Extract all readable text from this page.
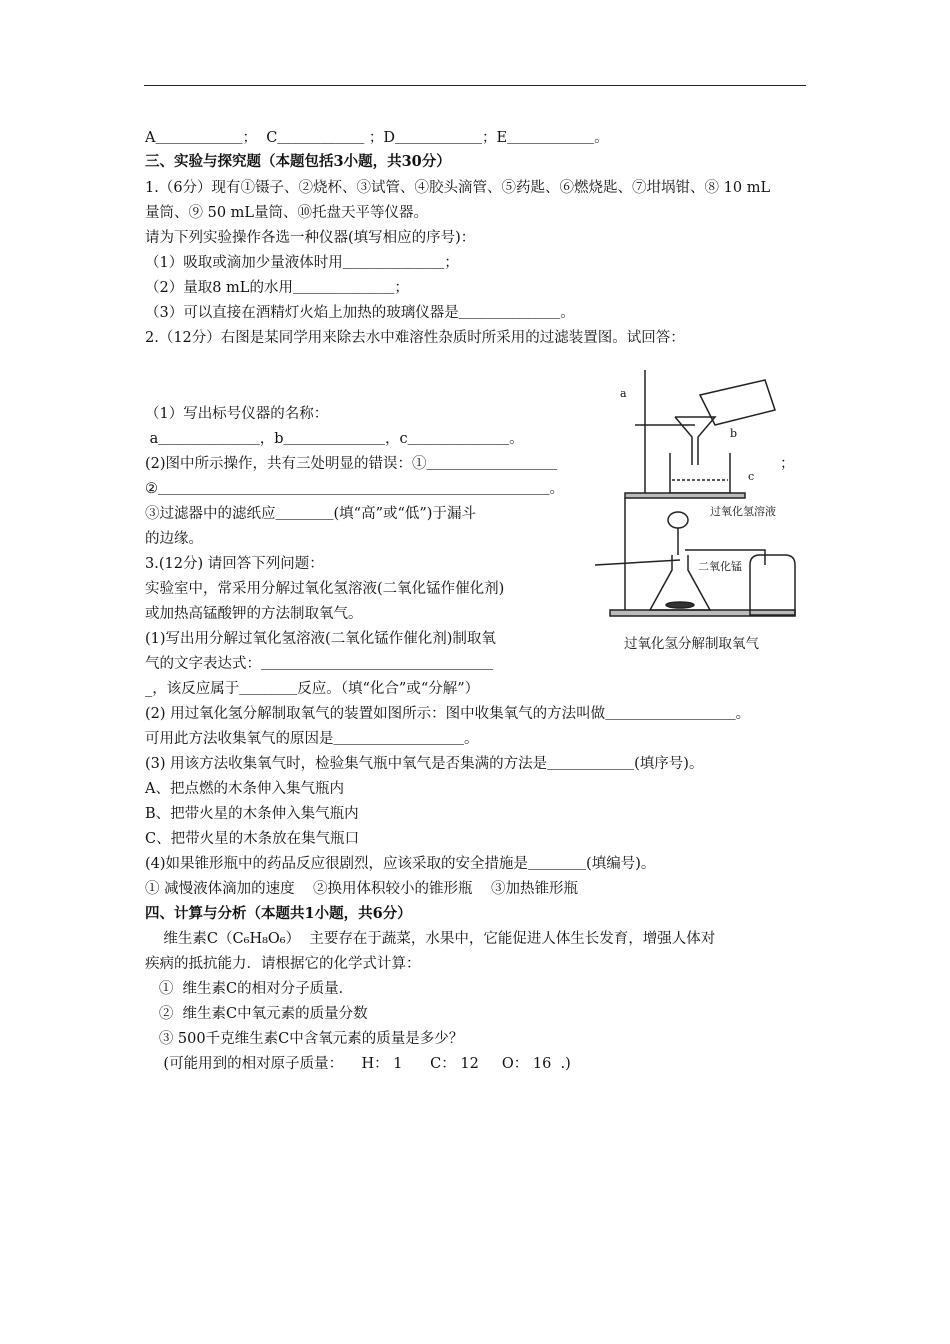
A＿＿＿＿＿＿；  C＿＿＿＿＿＿ ；D＿＿＿＿＿＿；E＿＿＿＿＿＿。
三、实验与探究题（本题包括3小题，共30分）
1.（6分）现有①镊子、②烧杯、③试管、④胶头滴管、⑤药匙、⑥燃烧匙、⑦坩埚钳、⑧ 10 mL
量筒、⑨ 50 mL量筒、⑩托盘天平等仪器。
请为下列实验操作各选一种仪器(填写相应的序号)：
（1）吸取或滴加少量液体时用＿＿＿＿＿＿＿；
（2）量取8 mL的水用＿＿＿＿＿＿＿；
（3）可以直接在酒精灯火焰上加热的玻璃仪器是＿＿＿＿＿＿＿。
2.（12分）右图是某同学用来除去水中难溶性杂质时所采用的过滤装置图。试回答：
（1）写出标号仪器的名称：
a＿＿＿＿＿＿＿，b＿＿＿＿＿＿＿，c＿＿＿＿＿＿＿。
(2)图中所示操作，共有三处明显的错误：①＿＿＿＿＿＿＿＿＿	；
②＿＿＿＿＿＿＿＿＿＿＿＿＿＿＿＿＿＿＿＿＿＿＿＿＿＿＿。
③过滤器中的滤纸应＿＿＿＿(填“高”或“低”)于漏斗
的边缘。
3.(12分) 请回答下列问题：
实验室中，常采用分解过氧化氢溶液(二氧化锰作催化剂)
或加热高锰酸钾的方法制取氧气。
(1)写出用分解过氧化氢溶液(二氧化锰作催化剂)制取氧
气的文字表达式：＿＿＿＿＿＿＿＿＿＿＿＿＿＿＿＿
_，该反应属于＿＿＿＿反应。（填“化合”或“分解”）
(2) 用过氧化氢分解制取氧气的装置如图所示：图中收集氧气的方法叫做＿＿＿＿＿＿＿＿＿。
可用此方法收集氧气的原因是＿＿＿＿＿＿＿＿＿。
(3) 用该方法收集氧气时，检验集气瓶中氧气是否集满的方法是＿＿＿＿＿＿(填序号)。
A、把点燃的木条伸入集气瓶内
B、把带火星的木条伸入集气瓶内
C、把带火星的木条放在集气瓶口
(4)如果锥形瓶中的药品反应很剧烈，应该采取的安全措施是＿＿＿＿(填编号)。
① 减慢液体滴加的速度    ②换用体积较小的锥形瓶    ③加热锥形瓶
四、计算与分析（本题共1小题，共6分）
维生素C（C₆H₈O₆）  主要存在于蔬菜，水果中，它能促进人体生长发育，增强人体对
疾病的抵抗能力．请根据它的化学式计算：
①  维生素C的相对分子质量．
②  维生素C中氧元素的质量分数
③ 500千克维生素C中含氧元素的质量是多少？
(可能用到的相对原子质量：    H： 1      C： 12     O： 16  .)
a
b
c
过氧化氢溶液
二氧化锰
过氧化氢分解制取氧气
